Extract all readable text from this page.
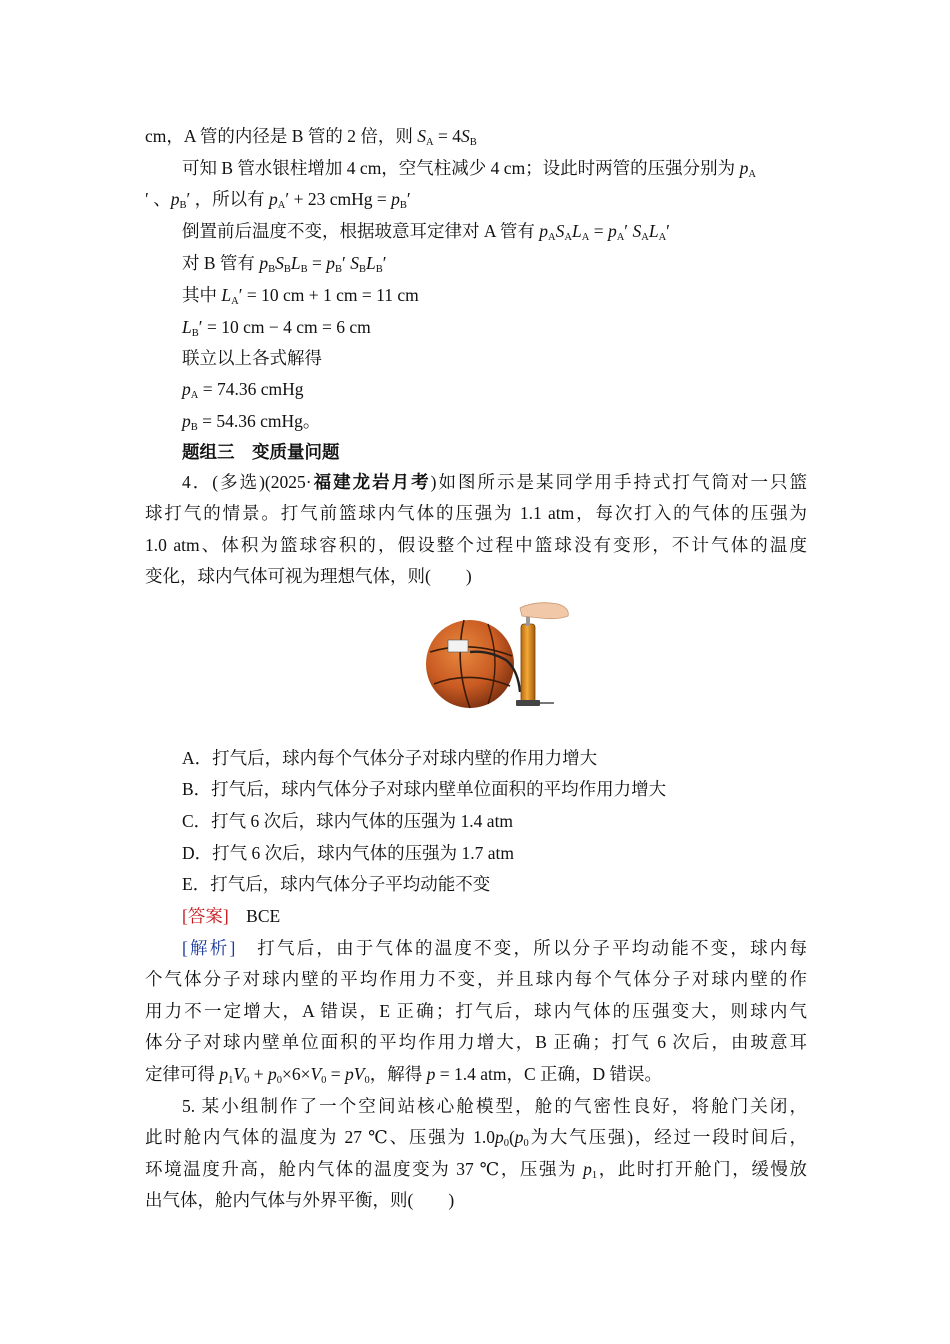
cm，A 管的内径是 B 管的 2 倍，则 $S_A = 4S_B$
可知 B 管水银柱增加 4 cm，空气柱减少 4 cm；设此时两管的压强分别为 $p_A$
′ 、$p_B'$ ，所以有 $p_A' + 23$ cmHg = $p_B'$
倒置前后温度不变，根据玻意耳定律对 A 管有 $p_AS_AL_A = p_A'$ $S_AL_A'$
对 B 管有 $p_BS_BL_B = p_B'$ $S_BL_B'$
其中 $L_A' = 10$ cm + 1 cm = 11 cm
$L_B' = 10$ cm − 4 cm = 6 cm
联立以上各式解得
$p_A = 74.36$ cmHg
$p_B = 54.36$ cmHg。
题组三　变质量问题
4．(多选)(2025·福建龙岩月考)如图所示是某同学用手持式打气筒对一只篮
球打气的情景。打气前篮球内气体的压强为 1.1 atm，每次打入的气体的压强为
1.0 atm、体积为篮球容积的，假设整个过程中篮球没有变形，不计气体的温度
变化，球内气体可视为理想气体，则(　　)
A．打气后，球内每个气体分子对球内壁的作用力增大
B．打气后，球内气体分子对球内壁单位面积的平均作用力增大
C．打气 6 次后，球内气体的压强为 1.4 atm
D．打气 6 次后，球内气体的压强为 1.7 atm
E．打气后，球内气体分子平均动能不变
[答案]　 BCE
[解析]　 打气后，由于气体的温度不变，所以分子平均动能不变，球内每
个气体分子对球内壁的平均作用力不变，并且球内每个气体分子对球内壁的作
用力不一定增大，A 错误，E 正确；打气后，球内气体的压强变大，则球内气
体分子对球内壁单位面积的平均作用力增大，B 正确；打气 6 次后，由玻意耳
定律可得 $p_1V_0 + p_0\times 6\times V_0 = pV_0$，解得 p = 1.4 atm，C 正确，D 错误。
5. 某小组制作了一个空间站核心舱模型，舱的气密性良好，将舱门关闭，
此时舱内气体的温度为 27 ℃、压强为 $1.0p_0(p_0$为大气压强)，经过一段时间后，
环境温度升高，舱内气体的温度变为 37 ℃，压强为 $p_1$，此时打开舱门，缓慢放
出气体，舱内气体与外界平衡，则(　　)
